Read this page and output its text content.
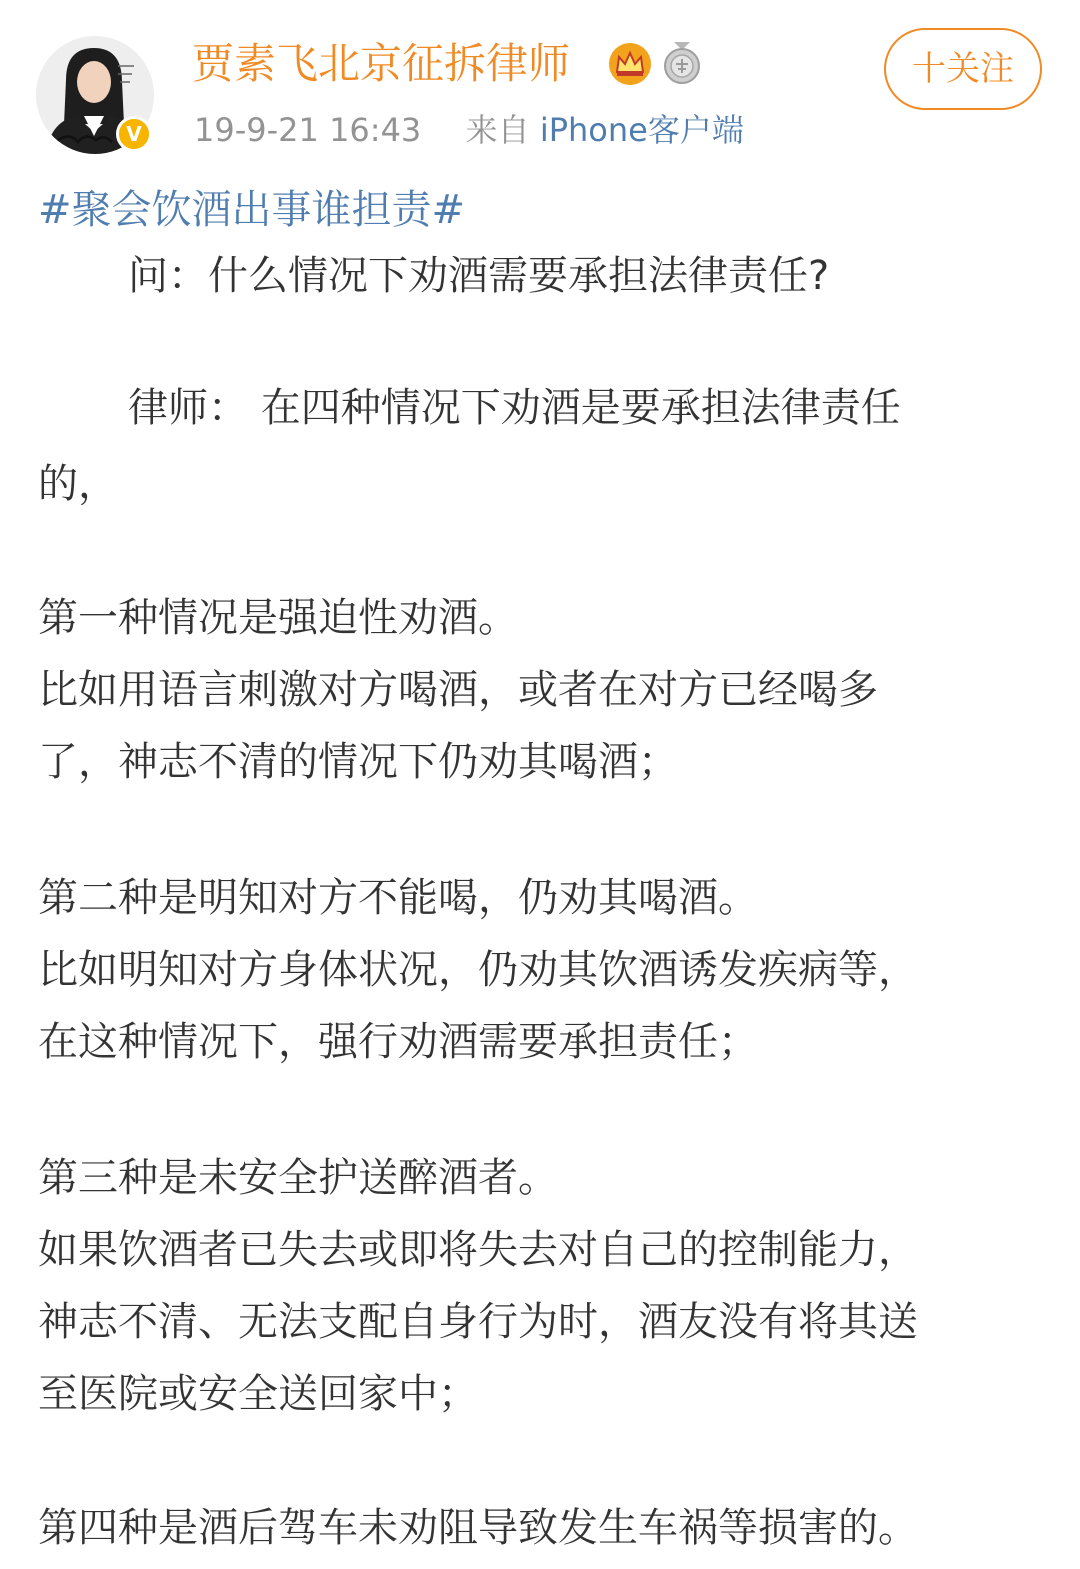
V
贾素飞北京征拆律师
19-9-21 16:43 来自 iPhone客户端
十关注

#聚会饮酒出事谁担责#

问：什么情况下劝酒需要承担法律责任?

律师： 在四种情况下劝酒是要承担法律责任

的，

第一种情况是强迫性劝酒。

比如用语言刺激对方喝酒，或者在对方已经喝多

了，神志不清的情况下仍劝其喝酒；

第二种是明知对方不能喝，仍劝其喝酒。

比如明知对方身体状况，仍劝其饮酒诱发疾病等，

在这种情况下，强行劝酒需要承担责任；

第三种是未安全护送醉酒者。

如果饮酒者已失去或即将失去对自己的控制能力，

神志不清、无法支配自身行为时，酒友没有将其送

至医院或安全送回家中；

第四种是酒后驾车未劝阻导致发生车祸等损害的。
